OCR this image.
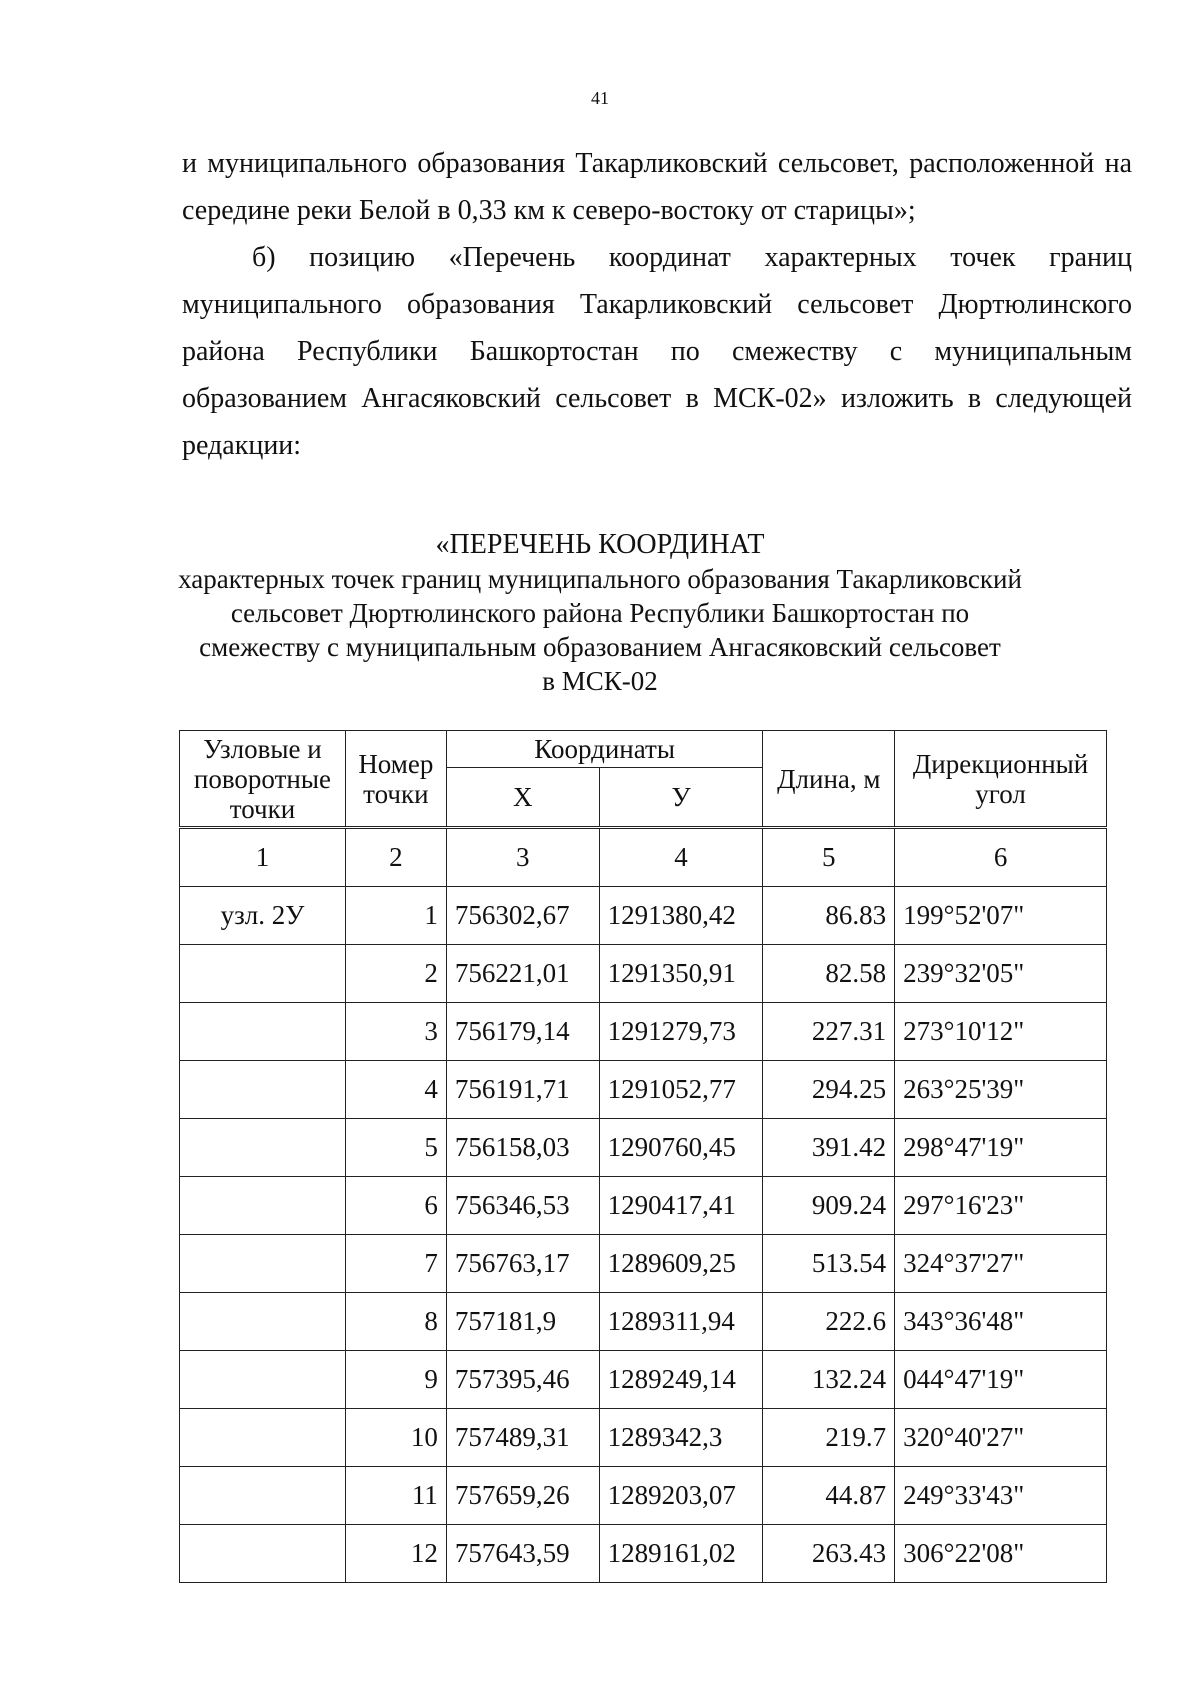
41

и муниципального образования Такарликовский сельсовет, расположенной на середине реки Белой в 0,33 км к северо-востоку от старицы»;

б) позицию «Перечень координат характерных точек границ муниципального образования Такарликовский сельсовет Дюртюлинского района Республики Башкортостан по смежеству с муниципальным образованием Ангасяковский сельсовет в МСК-02» изложить в следующей редакции:

«ПЕРЕЧЕНЬ КООРДИНАТ
характерных точек границ муниципального образования Такарликовский
сельсовет Дюртюлинского района Республики Башкортостан по
смежеству с муниципальным образованием Ангасяковский сельсовет
в МСК-02
Узловые и поворотные точки	Номер точки	Координаты		Длина, м	Дирекционный угол
		Х	У		
1	2	3	4	5	6
узл. 2У	1	756302,67	1291380,42	86.83	199°52'07"
	2	756221,01	1291350,91	82.58	239°32'05"
	3	756179,14	1291279,73	227.31	273°10'12"
	4	756191,71	1291052,77	294.25	263°25'39"
	5	756158,03	1290760,45	391.42	298°47'19"
	6	756346,53	1290417,41	909.24	297°16'23"
	7	756763,17	1289609,25	513.54	324°37'27"
	8	757181,9	1289311,94	222.6	343°36'48"
	9	757395,46	1289249,14	132.24	044°47'19"
	10	757489,31	1289342,3	219.7	320°40'27"
	11	757659,26	1289203,07	44.87	249°33'43"
	12	757643,59	1289161,02	263.43	306°22'08"
